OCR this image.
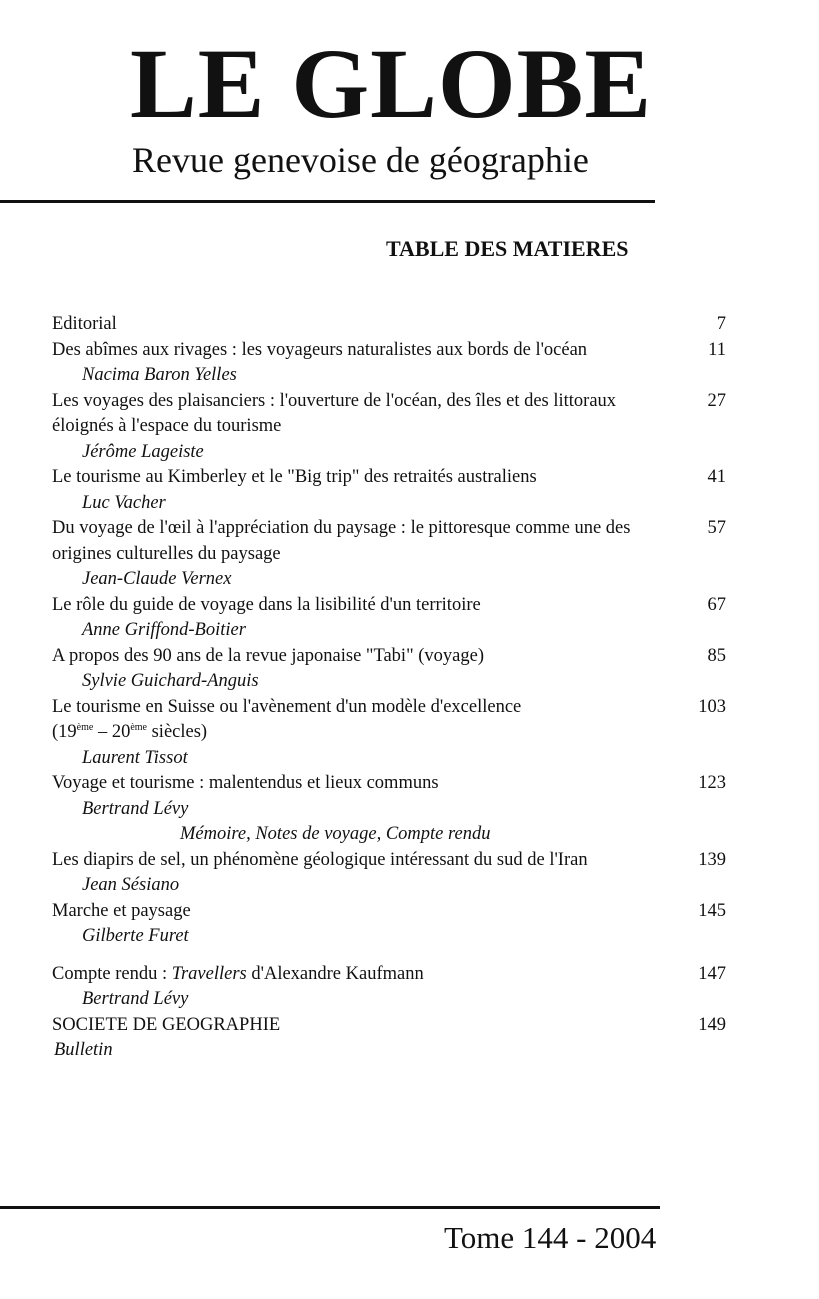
LE GLOBE
Revue genevoise de géographie
TABLE DES MATIERES
Editorial	7
Des abîmes aux rivages : les voyageurs naturalistes aux bords de l'océan	11
Nacima Baron Yelles
Les voyages des plaisanciers : l'ouverture de l'océan, des îles et des littoraux éloignés à l'espace du tourisme
27
Jérôme Lageiste
Le tourisme au Kimberley et le "Big trip" des retraités australiens	41
Luc Vacher
Du voyage de l'œil à l'appréciation du paysage : le pittoresque comme une des origines culturelles du paysage
57
Jean-Claude Vernex
Le rôle du guide de voyage dans la lisibilité d'un territoire	67
Anne Griffond-Boitier
A propos des 90 ans de la revue japonaise "Tabi" (voyage)	85
Sylvie Guichard-Anguis
Le tourisme en Suisse ou l'avènement d'un modèle d'excellence
(19ème – 20ème siècles)
103
Laurent Tissot
Voyage et tourisme : malentendus et lieux communs	123
Bertrand Lévy
Mémoire, Notes de voyage, Compte rendu
Les diapirs de sel, un phénomène géologique intéressant du sud de l'Iran	139
Jean Sésiano
Marche et paysage	145
Gilberte Furet
Compte rendu : Travellers d'Alexandre Kaufmann	147
Bertrand Lévy
SOCIETE DE GEOGRAPHIE	149
Bulletin
Tome 144 - 2004
